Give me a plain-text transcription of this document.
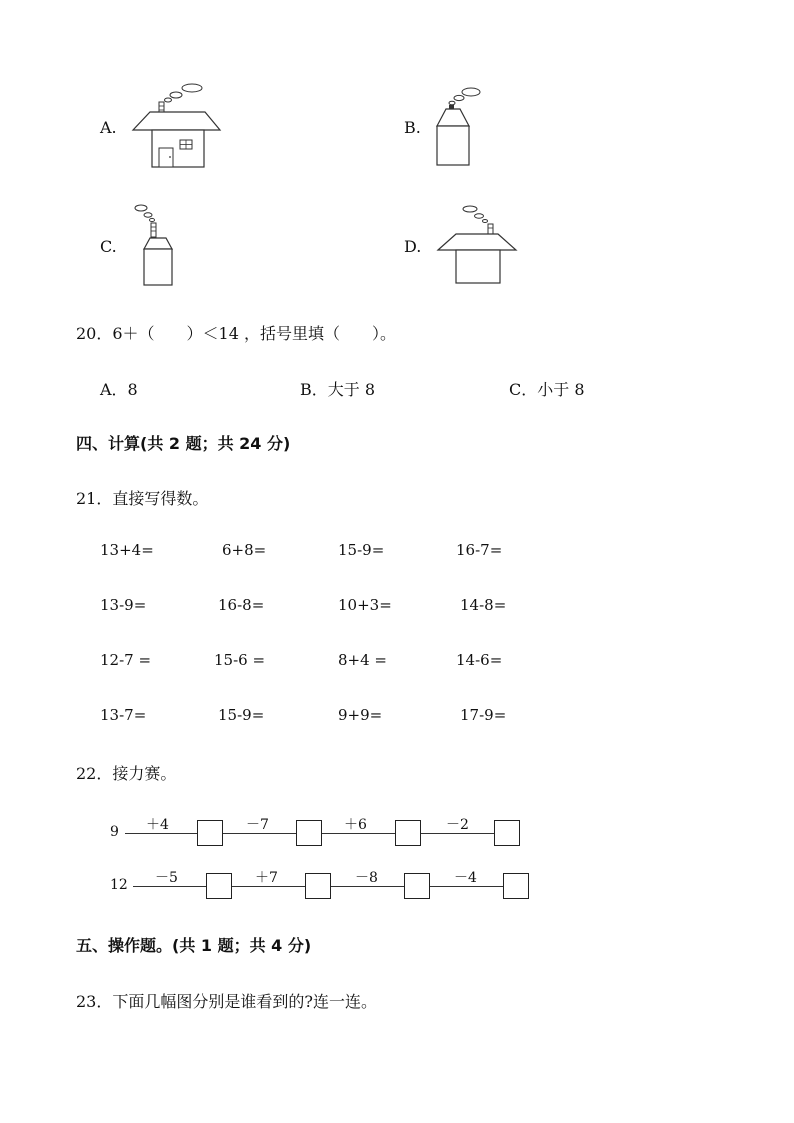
A.	B.
C.	D.
20．6＋（　　）＜14 ，括号里填（　　）。
A．8	B．大于 8	C．小于 8
四、计算(共 2 题；共 24 分)
21．直接写得数。
13+4=	6+8=	15-9=	16-7=
13-9=	16-8=	10+3=	14-8=
12-7 =	15-6 =	8+4 =	14-6=
13-7=	15-9=	9+9=	17-9=
22．接力赛。
9 ＋4	－7	＋6	－2
12 －5	＋7	－8	－4
五、操作题。(共 1 题；共 4 分)
23．下面几幅图分别是谁看到的?连一连。
